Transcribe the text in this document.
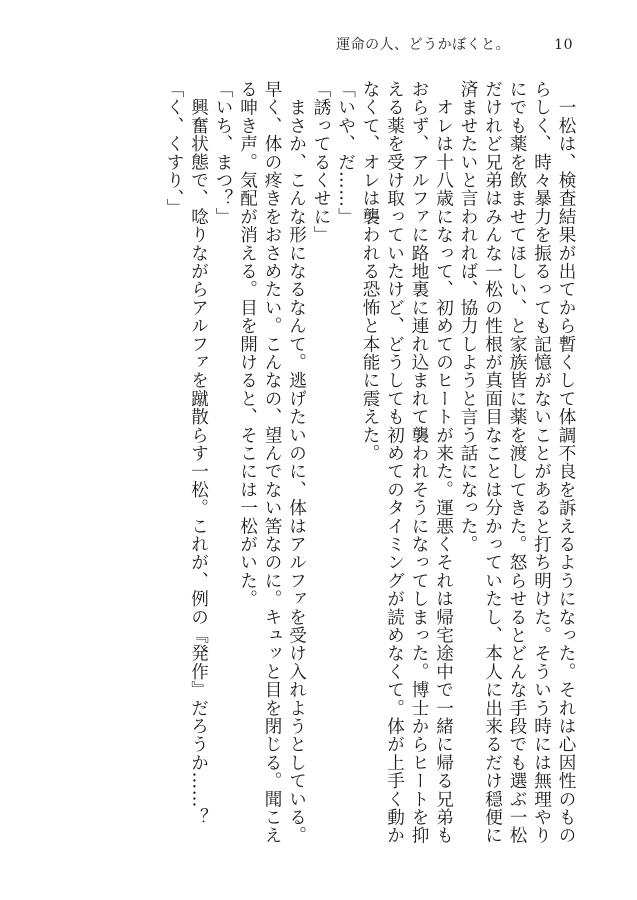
運命の人、どうかぼくと。	10
　一松は、検査結果が出てから暫くして体調不良を訴えるようになった。それは心因性のもの
らしく、時々暴力を振るっても記憶がないことがあると打ち明けた。そういう時には無理やり
にでも薬を飲ませてほしい、と家族皆に薬を渡してきた。怒らせるとどんな手段でも選ぶ一松
だけれど兄弟はみんな一松の性根が真面目なことは分かっていたし、本人に出来るだけ穏便に
済ませたいと言われれば、協力しようと言う話になった。
　オレは十八歳になって、初めてのヒートが来た。運悪くそれは帰宅途中で一緒に帰る兄弟も
おらず、アルファに路地裏に連れ込まれて襲われそうになってしまった。博士からヒートを抑
える薬を受け取っていたけど、どうしても初めてのタイミングが読めなくて。体が上手く動か
なくて、オレは襲われる恐怖と本能に震えた。
「いや、だ……」
「誘ってるくせに」
　まさか、こんな形になるなんて。逃げたいのに、体はアルファを受け入れようとしている。
早く、体の疼きをおさめたい。こんなの、望んでない筈なのに。キュッと目を閉じる。聞こえ
る呻き声。気配が消える。目を開けると、そこには一松がいた。
「いち、まつ？」
　興奮状態で、唸りながらアルファを蹴散らす一松。これが、例の『発作』だろうか……？
「く、くすり、」
